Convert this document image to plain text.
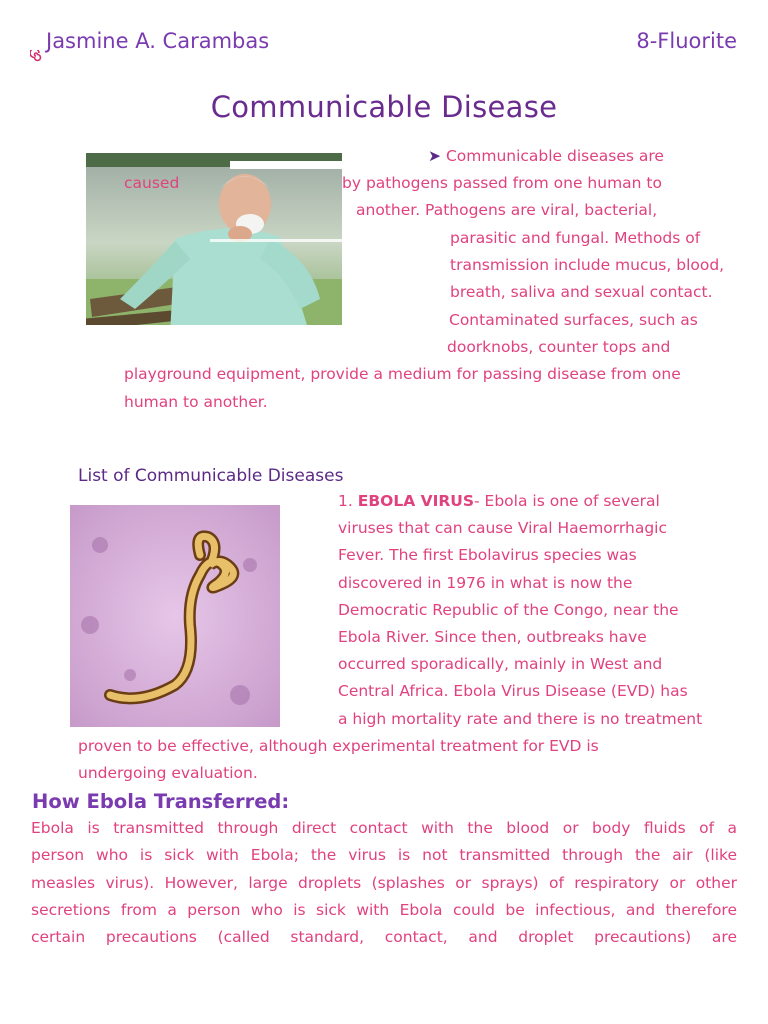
Jasmine A. Carambas	8-Fluorite
Communicable Disease
➤ Communicable diseases are
caused	by pathogens passed from one human to
another. Pathogens are viral, bacterial,
parasitic and fungal. Methods of
transmission include mucus, blood,
breath, saliva and sexual contact.
Contaminated surfaces, such as
doorknobs, counter tops and
playground equipment, provide a medium for passing disease from one
human to another.
List of Communicable Diseases
1. EBOLA VIRUS- Ebola is one of several
viruses that can cause Viral Haemorrhagic
Fever. The first Ebolavirus species was
discovered in 1976 in what is now the
Democratic Republic of the Congo, near the
Ebola River. Since then, outbreaks have
occurred sporadically, mainly in West and
Central Africa. Ebola Virus Disease (EVD) has
a high mortality rate and there is no treatment
proven to be effective, although experimental treatment for EVD is
undergoing evaluation.
How Ebola Transferred:
Ebola is transmitted through direct contact with the blood or body fluids of a
person who is sick with Ebola; the virus is not transmitted through the air (like
measles virus). However, large droplets (splashes or sprays) of respiratory or other
secretions from a person who is sick with Ebola could be infectious, and therefore
certain precautions (called standard, contact, and droplet precautions) are
